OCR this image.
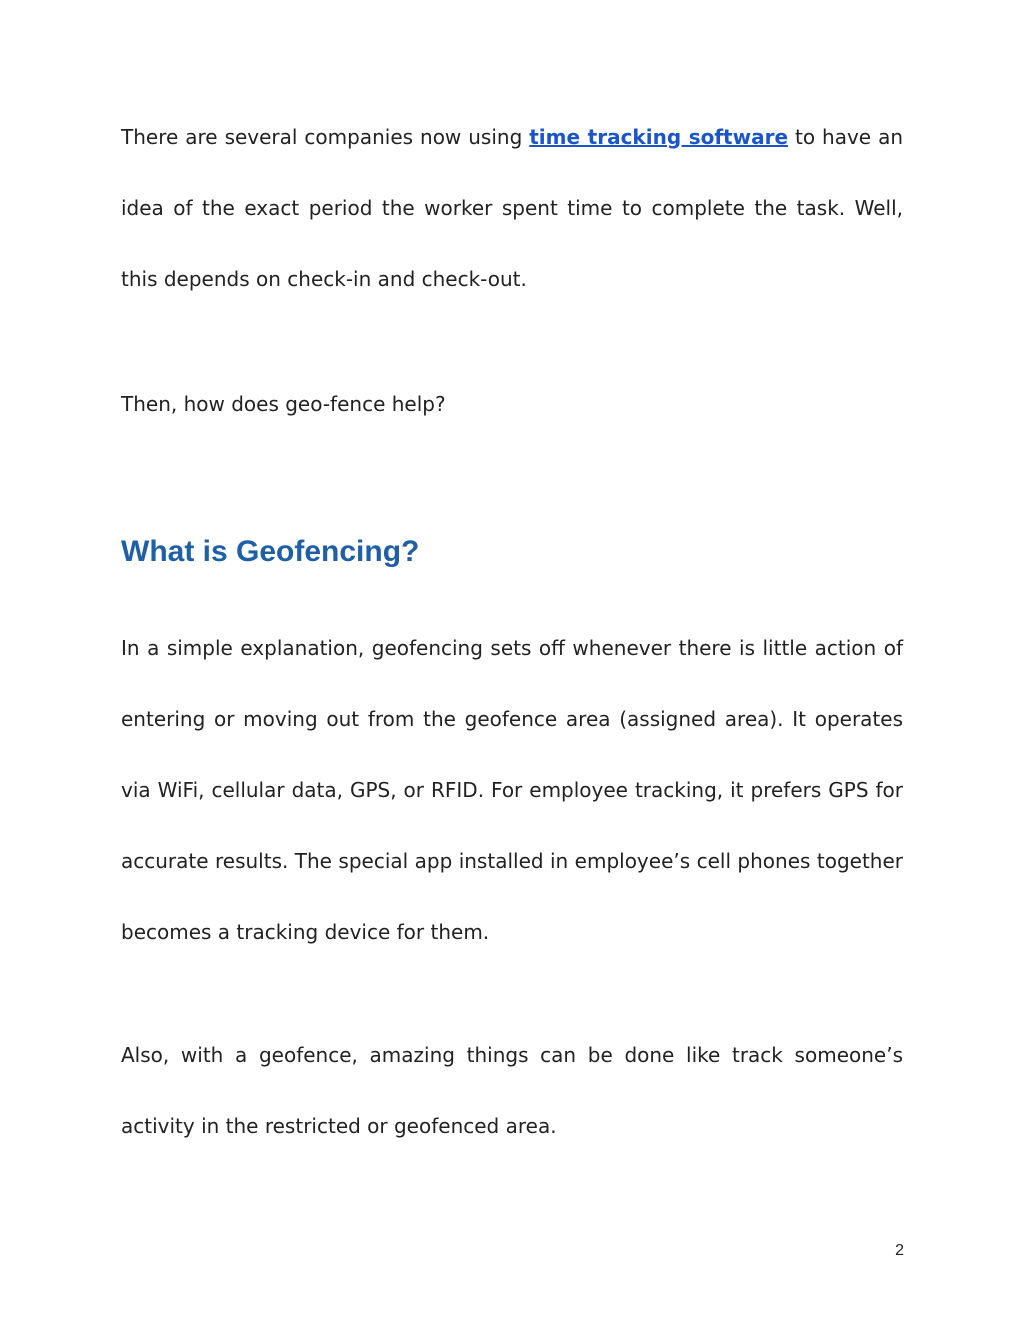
There are several companies now using time tracking software to have an idea of the exact period the worker spent time to complete the task. Well, this depends on check-in and check-out.

Then, how does geo-fence help?

What is Geofencing?

In a simple explanation, geofencing sets off whenever there is little action of entering or moving out from the geofence area (assigned area). It operates via WiFi, cellular data, GPS, or RFID. For employee tracking, it prefers GPS for accurate results. The special app installed in employee’s cell phones together becomes a tracking device for them.

Also, with a geofence, amazing things can be done like track someone’s activity in the restricted or geofenced area.

2
